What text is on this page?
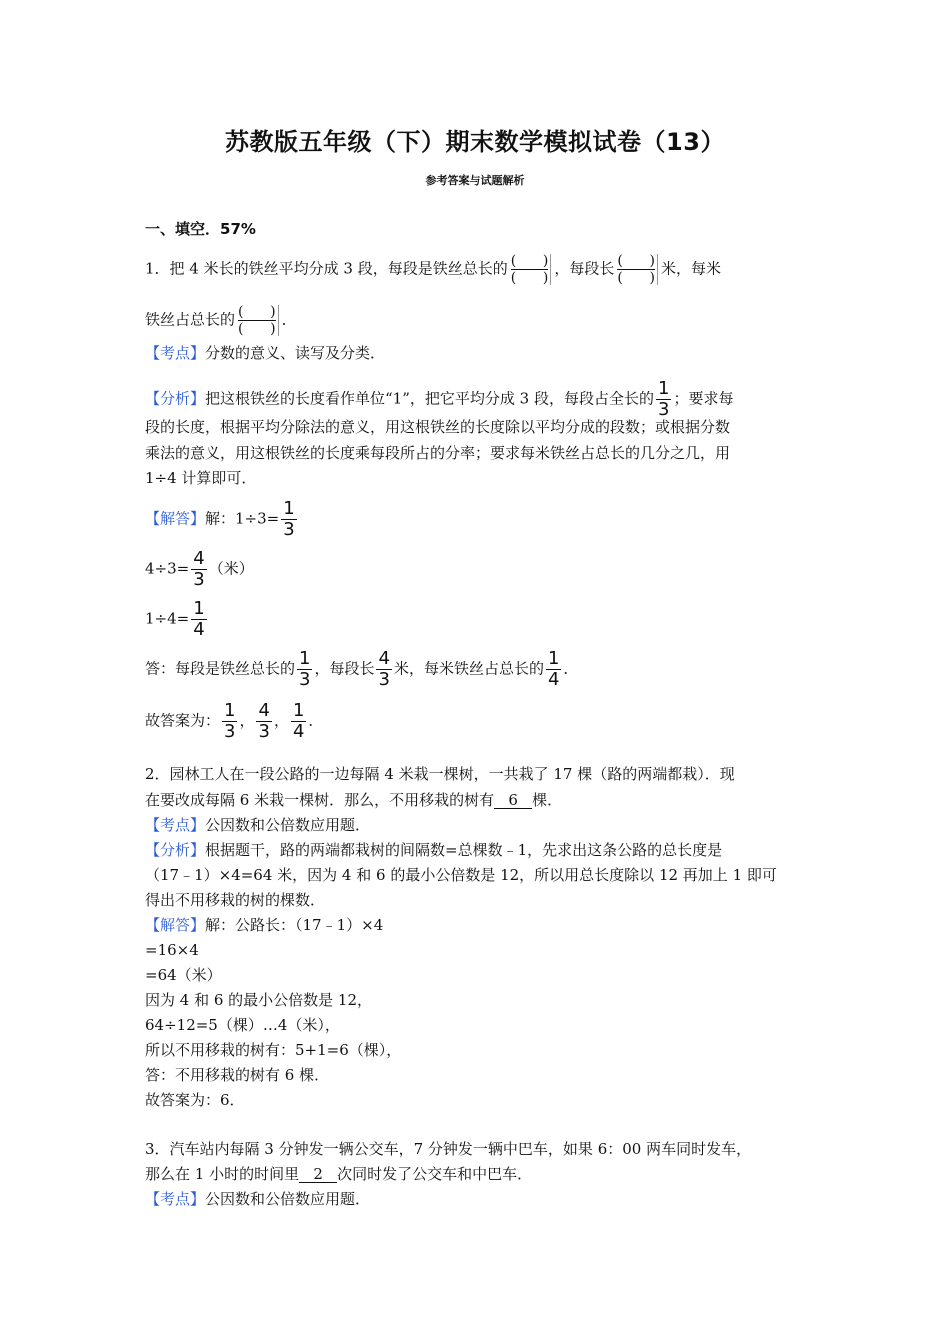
苏教版五年级（下）期末数学模拟试卷（13）
参考答案与试题解析
一、填空．57%
1．把 4 米长的铁丝平均分成 3 段，每段是铁丝总长的 (      )
(      )
，每段长 (      )
(      )
米，每米
铁丝占总长的 (      )
(      )
．
【考点】分数的意义、读写及分类．
【分析】把这根铁丝的长度看作单位“1”，把它平均分成 3 段，每段占全长的 $\frac{1}{3}$ ；要求每
段的长度，根据平均分除法的意义，用这根铁丝的长度除以平均分成的段数；或根据分数
乘法的意义，用这根铁丝的长度乘每段所占的分率；要求每米铁丝占总长的几分之几，用
1÷4 计算即可．
【解答】解：$1\div 3= \frac{1}{3}$
$4\div 3= \frac{4}{3}$ （米）
$1\div 4= \frac{1}{4}$
答：每段是铁丝总长的 $\frac{1}{3}$ ，每段长 $\frac{4}{3}$ 米，每米铁丝占总长的 $\frac{1}{4}$ ．
故答案为： $\frac{1}{3}$ ， $\frac{4}{3}$ ， $\frac{1}{4}$ ．
2．园林工人在一段公路的一边每隔 4 米栽一棵树，一共栽了 17 棵（路的两端都栽）．现
在要改成每隔 6 米栽一棵树．那么，不用移栽的树有 6 棵．
【考点】公因数和公倍数应用题．
【分析】根据题干，路的两端都栽树的间隔数=总棵数﹣1，先求出这条公路的总长度是
（17﹣1）×4=64 米，因为 4 和 6 的最小公倍数是 12，所以用总长度除以 12 再加上 1 即可
得出不用移栽的树的棵数．
【解答】解：公路长：（17﹣1）×4
=16×4
=64（米）
因为 4 和 6 的最小公倍数是 12，
64÷12=5（棵）…4（米），
所以不用移栽的树有：5+1=6（棵），
答：不用移栽的树有 6 棵．
故答案为：6．
3．汽车站内每隔 3 分钟发一辆公交车，7 分钟发一辆中巴车，如果 6：00 两车同时发车，
那么在 1 小时的时间里 2 次同时发了公交车和中巴车．
【考点】公因数和公倍数应用题．
